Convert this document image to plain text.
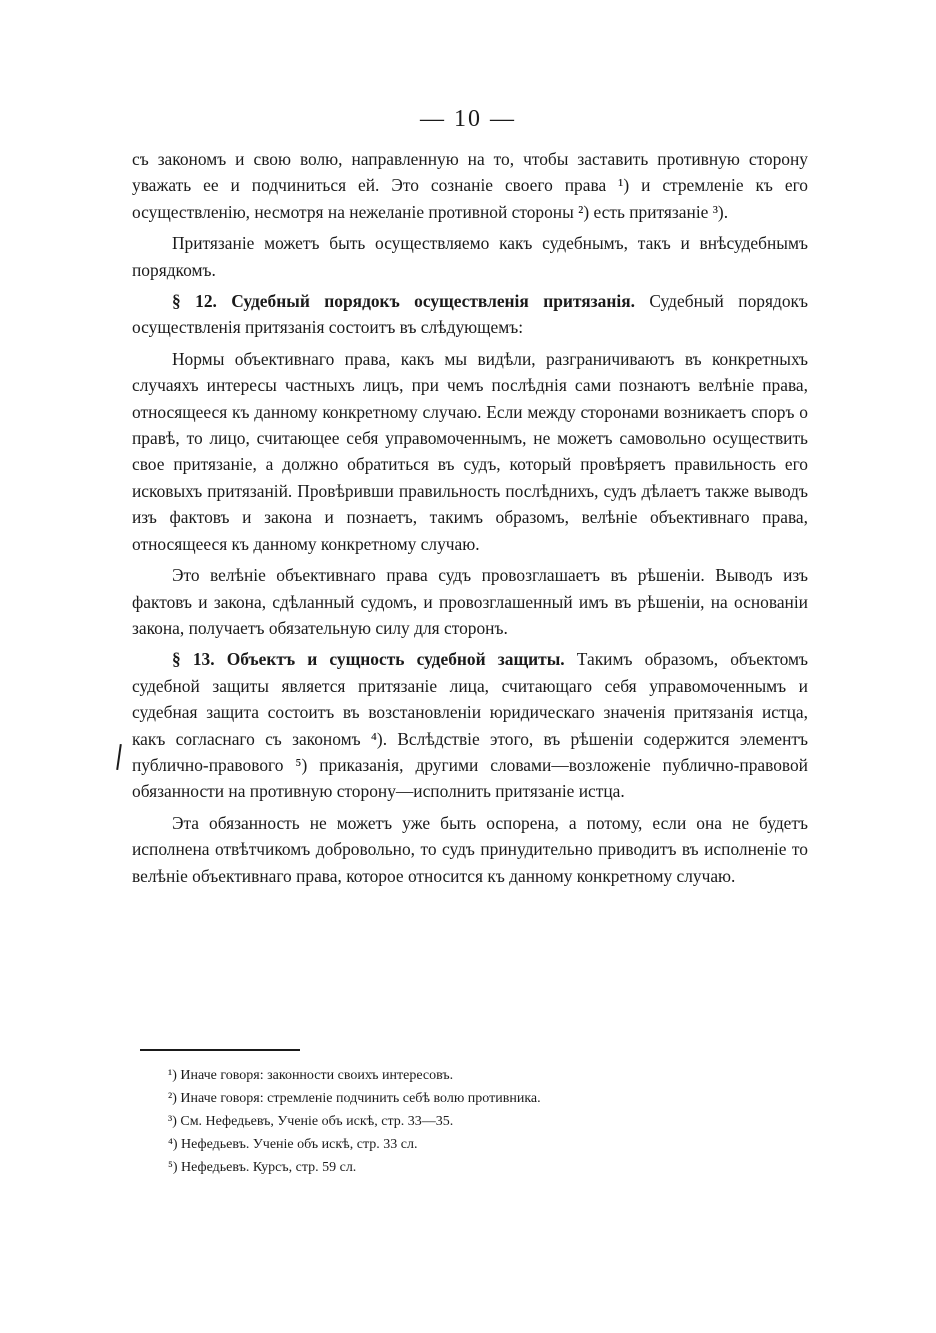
— 10 —

съ закономъ и свою волю, направленную на то, чтобы заставить противную сторону уважать ее и подчиниться ей. Это сознаніе своего права ¹) и стремленіе къ его осуществленію, несмотря на нежеланіе противной стороны ²) есть притязаніе ³).

Притязаніе можетъ быть осуществляемо какъ судебнымъ, такъ и внѣсудебнымъ порядкомъ.

§ 12. Судебный порядокъ осуществленія притязанія. Судебный порядокъ осуществленія притязанія состоитъ въ слѣдующемъ:

Нормы объективнаго права, какъ мы видѣли, разграничиваютъ въ конкретныхъ случаяхъ интересы частныхъ лицъ, при чемъ послѣднія сами познаютъ велѣніе права, относящееся къ данному конкретному случаю. Если между сторонами возникаетъ споръ о правѣ, то лицо, считающее себя управомоченнымъ, не можетъ самовольно осуществить свое притязаніе, а должно обратиться въ судъ, который провѣряетъ правильность его исковыхъ притязаній. Провѣривши правильность послѣднихъ, судъ дѣлаетъ также выводъ изъ фактовъ и закона и познаетъ, такимъ образомъ, велѣніе объективнаго права, относящееся къ данному конкретному случаю.

Это велѣніе объективнаго права судъ провозглашаетъ въ рѣшеніи. Выводъ изъ фактовъ и закона, сдѣланный судомъ, и провозглашенный имъ въ рѣшеніи, на основаніи закона, получаетъ обязательную силу для сторонъ.

§ 13. Объектъ и сущность судебной защиты. Такимъ образомъ, объектомъ судебной защиты является притязаніе лица, считающаго себя управомоченнымъ и судебная защита состоитъ въ возстановленіи юридическаго значенія притязанія истца, какъ согласнаго съ закономъ ⁴). Вслѣдствіе этого, въ рѣшеніи содержится элементъ публично-правового ⁵) приказанія, другими словами—возложеніе публично-правовой обязанности на противную сторону—исполнить притязаніе истца.

Эта обязанность не можетъ уже быть оспорена, а потому, если она не будетъ исполнена отвѣтчикомъ добровольно, то судъ принудительно приводитъ въ исполненіе то велѣніе объективнаго права, которое относится къ данному конкретному случаю.

¹) Иначе говоря: законности своихъ интересовъ.
²) Иначе говоря: стремленіе подчинить себѣ волю противника.
³) См. Нефедьевъ, Ученіе объ искѣ, стр. 33—35.
⁴) Нефедьевъ. Ученіе объ искѣ, стр. 33 сл.
⁵) Нефедьевъ. Курсъ, стр. 59 сл.
